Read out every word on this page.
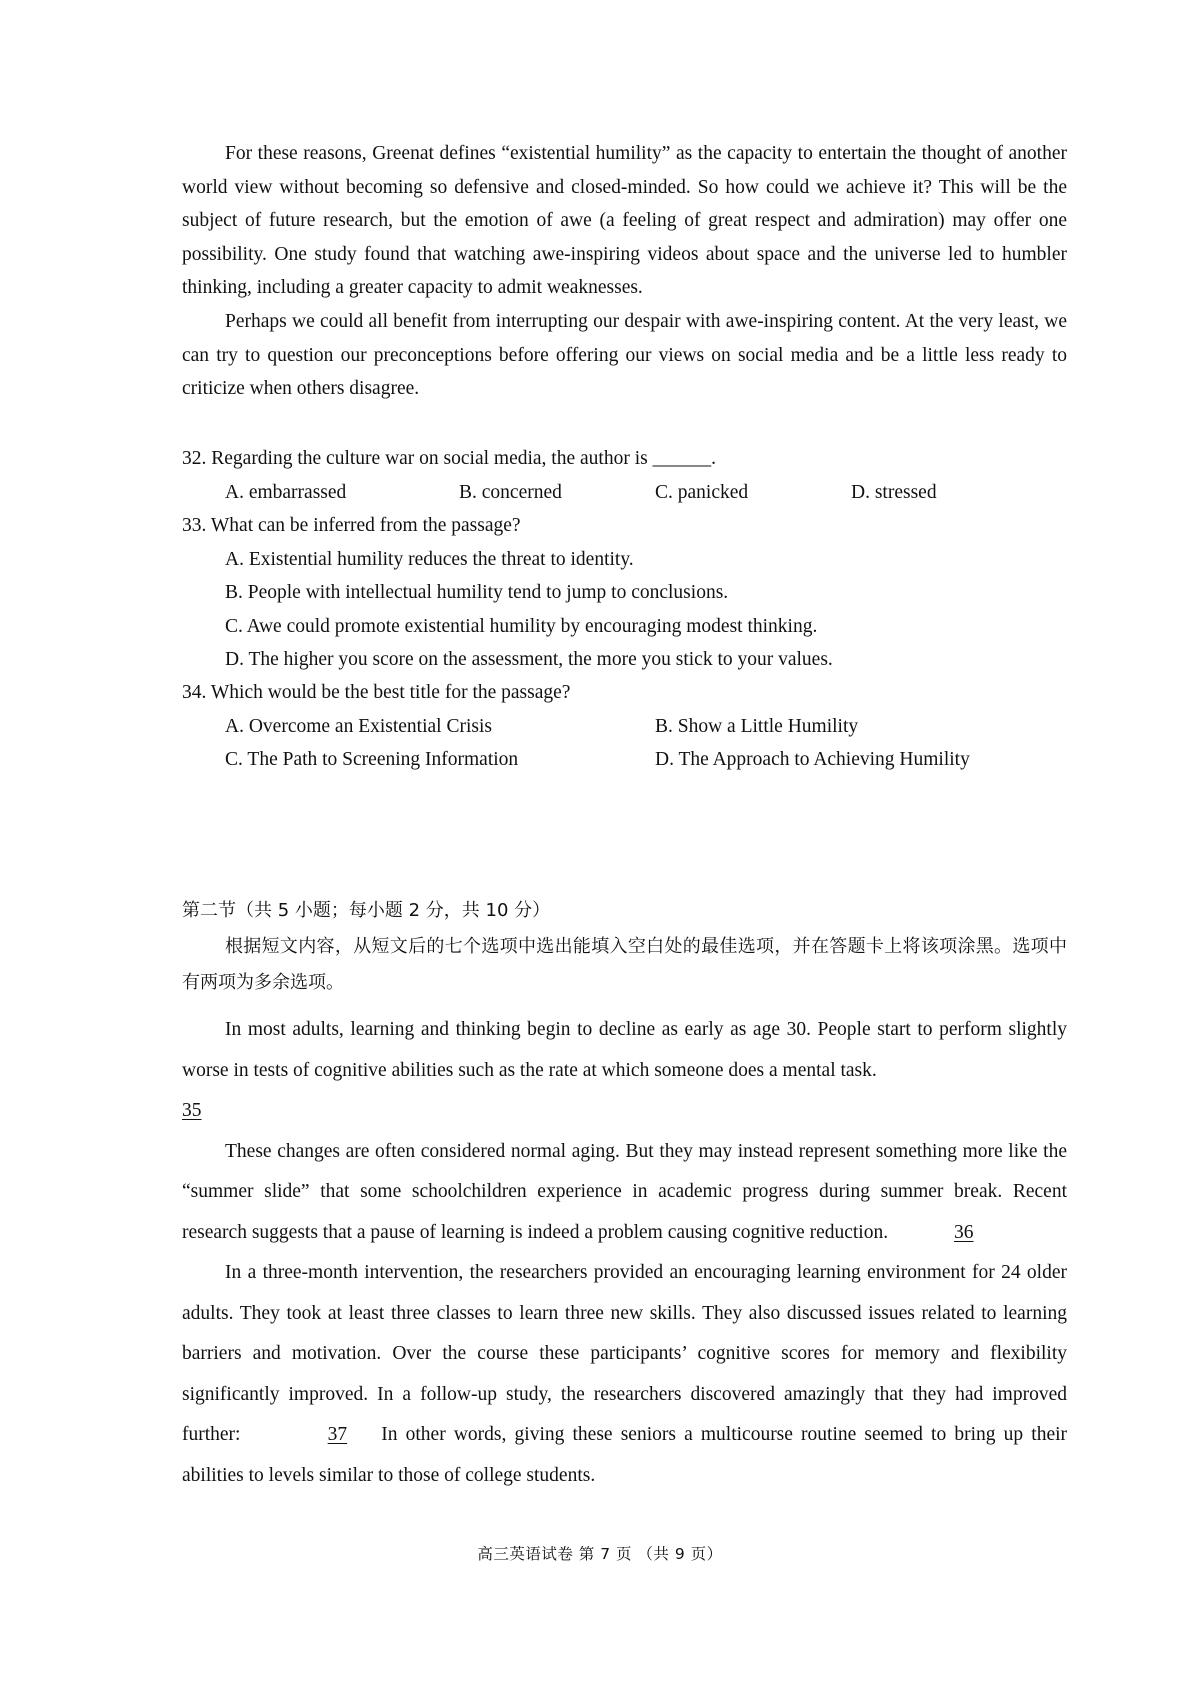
For these reasons, Greenat defines “existential humility” as the capacity to entertain the thought of another world view without becoming so defensive and closed-minded. So how could we achieve it? This will be the subject of future research, but the emotion of awe (a feeling of great respect and admiration) may offer one possibility. One study found that watching awe-inspiring videos about space and the universe led to humbler thinking, including a greater capacity to admit weaknesses.

Perhaps we could all benefit from interrupting our despair with awe-inspiring content. At the very least, we can try to question our preconceptions before offering our views on social media and be a little less ready to criticize when others disagree.

32. Regarding the culture war on social media, the author is ______.

A. embarrassed	B. concerned	C. panicked	D. stressed

33. What can be inferred from the passage?

A. Existential humility reduces the threat to identity.

B. People with intellectual humility tend to jump to conclusions.

C. Awe could promote existential humility by encouraging modest thinking.

D. The higher you score on the assessment, the more you stick to your values.

34. Which would be the best title for the passage?

A. Overcome an Existential Crisis	B. Show a Little Humility
C. The Path to Screening Information	D. The Approach to Achieving Humility

第二节（共 5 小题；每小题 2 分，共 10 分）

根据短文内容，从短文后的七个选项中选出能填入空白处的最佳选项，并在答题卡上将该项涂黑。选项中有两项为多余选项。

In most adults, learning and thinking begin to decline as early as age 30. People start to perform slightly worse in tests of cognitive abilities such as the rate at which someone does a mental task.
35

These changes are often considered normal aging. But they may instead represent something more like the “summer slide” that some schoolchildren experience in academic progress during summer break. Recent research suggests that a pause of learning is indeed a problem causing cognitive reduction.	36

In a three-month intervention, the researchers provided an encouraging learning environment for 24 older adults. They took at least three classes to learn three new skills. They also discussed issues related to learning barriers and motivation. Over the course these participants’ cognitive scores for memory and flexibility significantly improved. In a follow-up study, the researchers discovered amazingly that they had improved further:	37 In other words, giving these seniors a multicourse routine seemed to bring up their abilities to levels similar to those of college students.

高三英语试卷 第 7 页 （共 9 页）
